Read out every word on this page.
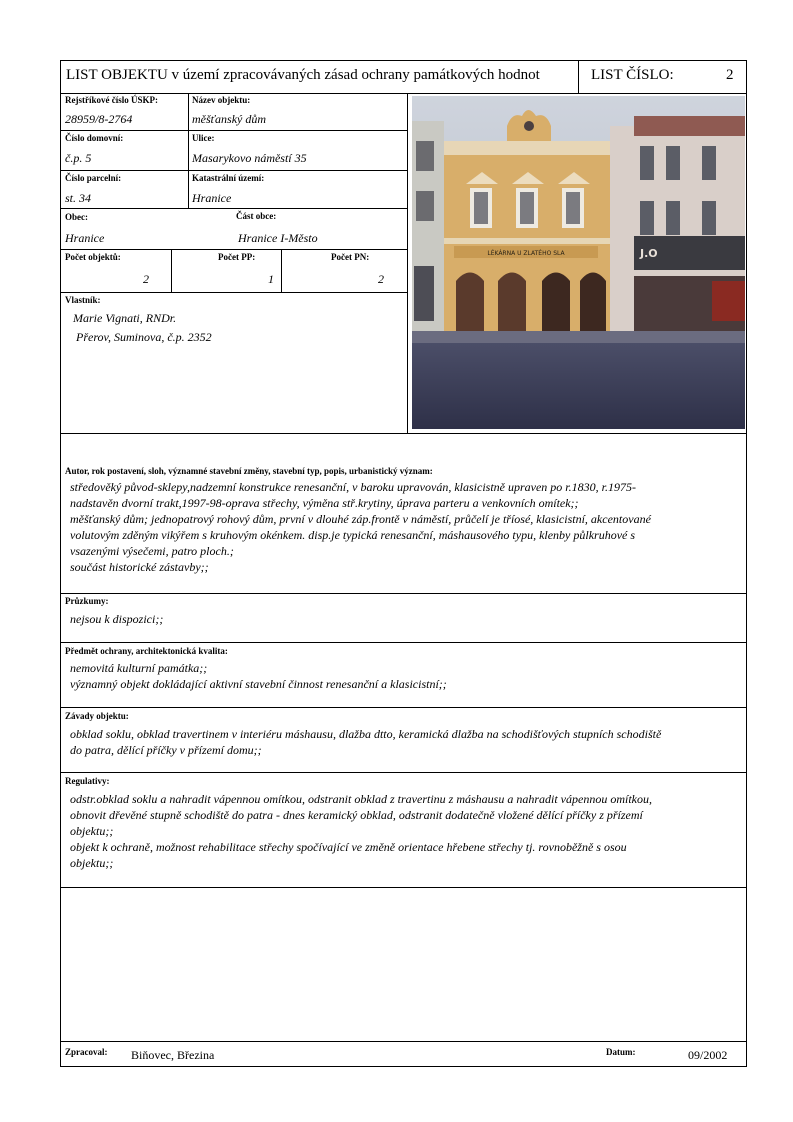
LIST OBJEKTU v území zpracovávaných zásad ochrany památkových hodnot	LIST ČÍSLO:	2
Rejstříkové číslo ÚSKP:
28959/8-2764
Název objektu:
měšťanský dům
Číslo domovní:
č.p. 5
Ulice:
Masarykovo náměstí 35
Číslo parcelní:
st. 34
Katastrální území:
Hranice
Obec:
Hranice
Část obce:
Hranice I-Město
Počet objektů:
2
Počet PP:
1
Počet PN:
2
Vlastník:
Marie Vignati, RNDr.
Přerov, Suminova, č.p. 2352
LÉKÁRNA U ZLATÉHO SLA	J.O
Autor, rok postavení, sloh, významné stavební změny, stavební typ, popis, urbanistický význam:
středověký původ-sklepy,nadzemní konstrukce renesanční, v baroku upravován, klasicistně upraven po r.1830, r.1975-
nadstavěn dvorní trakt,1997-98-oprava střechy, výměna stř.krytiny, úprava parteru a venkovních omítek;;
měšťanský dům; jednopatrový rohový dům, první v dlouhé záp.frontě v náměstí, průčelí je tříosé, klasicistní, akcentované
volutovým zděným vikýřem s kruhovým okénkem. disp.je typická renesanční, máshausového typu, klenby půlkruhové s
vsazenými výsečemi, patro ploch.;
součást historické zástavby;;
Průzkumy:
nejsou k dispozici;;
Předmět ochrany, architektonická kvalita:
nemovitá kulturní památka;;
významný objekt dokládající aktivní stavební činnost renesanční a klasicistní;;
Závady objektu:
obklad soklu, obklad travertinem v interiéru máshausu, dlažba dtto, keramická dlažba na schodišťových stupních schodiště
do patra, dělící příčky v přízemí domu;;
Regulativy:
odstr.obklad soklu a nahradit vápennou omítkou, odstranit obklad z travertinu z máshausu a nahradit vápennou omítkou,
obnovit dřevěné stupně schodiště do patra - dnes keramický obklad, odstranit dodatečně vložené dělící příčky z přízemí
objektu;;
objekt k ochraně, možnost rehabilitace střechy spočívající ve změně orientace hřebene střechy tj. rovnoběžně s osou
objektu;;
Zpracoval: Biňovec, Březina	Datum:	09/2002
